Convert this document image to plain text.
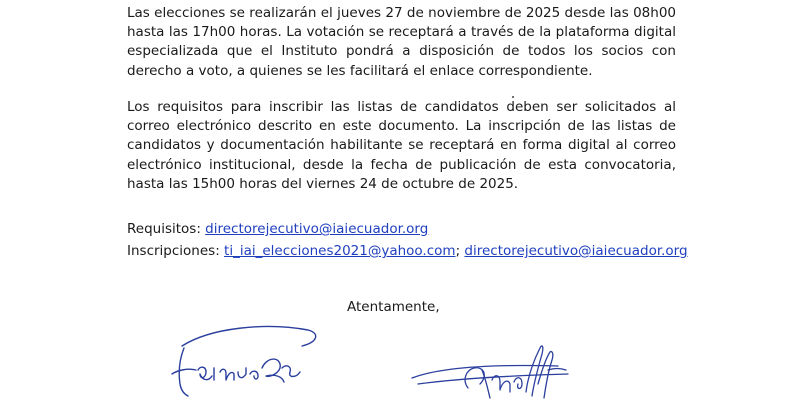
Las elecciones se realizarán el jueves 27 de noviembre de 2025 desde las 08h00 hasta las 17h00 horas. La votación se receptará a través de la plataforma digital especializada que el Instituto pondrá a disposición de todos los socios con derecho a voto, a quienes se les facilitará el enlace correspondiente.

Los requisitos para inscribir las listas de candidatos deben ser solicitados al correo electrónico descrito en este documento. La inscripción de las listas de candidatos y documentación habilitante se receptará en forma digital al correo electrónico institucional, desde la fecha de publicación de esta convocatoria, hasta las 15h00 horas del viernes 24 de octubre de 2025.

Requisitos: directorejecutivo@iaiecuador.org

Inscripciones: ti_iai_elecciones2021@yahoo.com; directorejecutivo@iaiecuador.org

Atentamente,
